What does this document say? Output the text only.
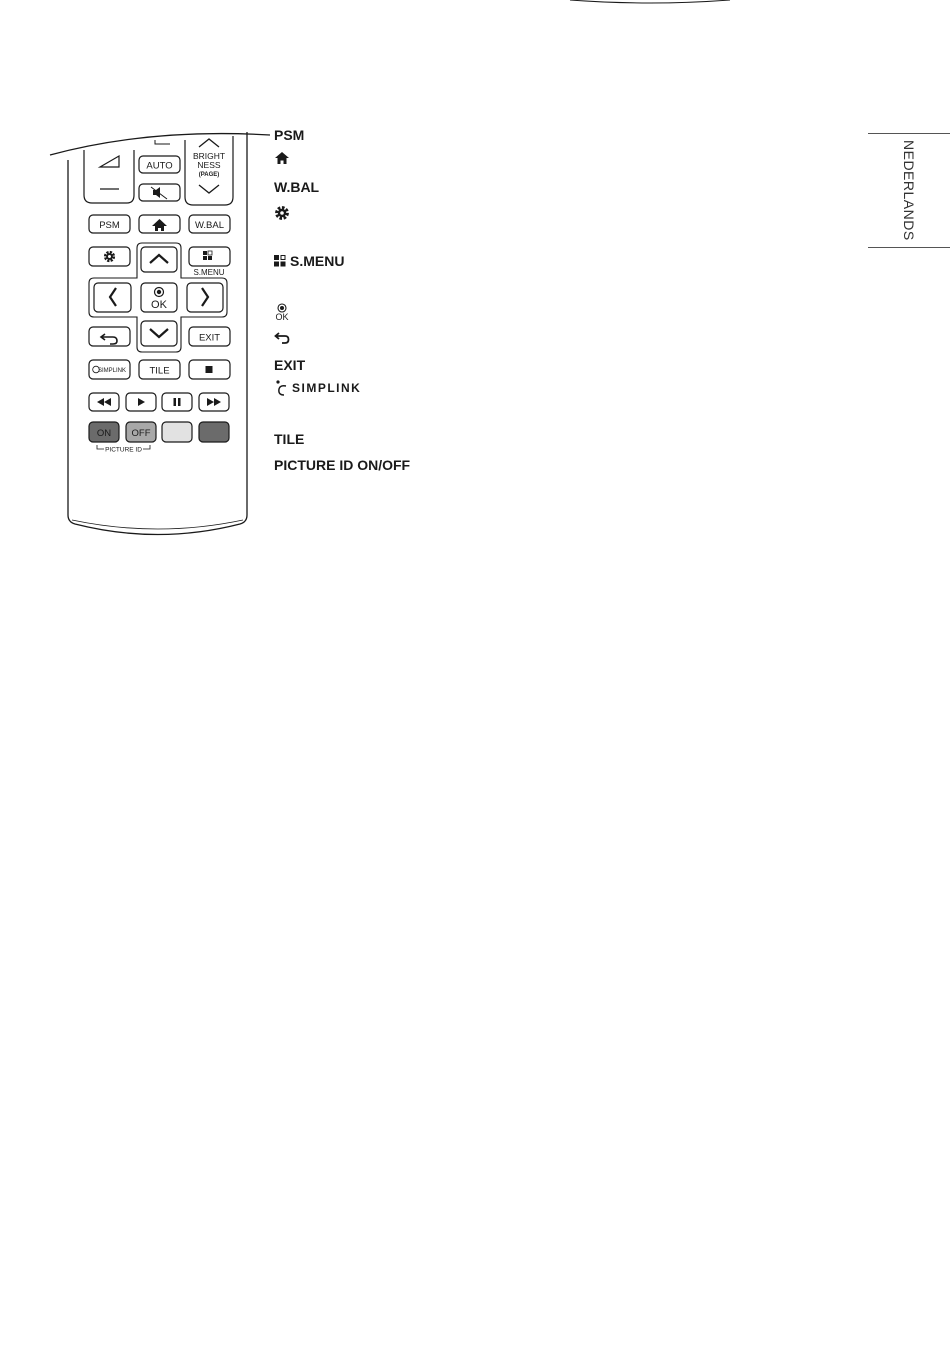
BRIGHT
NESS
(PAGE)
AUTO
PSM	W.BAL
S.MENU
OK
EXIT
SIMPLINK TILE
ON OFF
PICTURE ID
PSM
W.BAL
S.MENU
OK
EXIT
SIMPLINK
TILE
PICTURE ID ON/OFF
NEDERLANDS
